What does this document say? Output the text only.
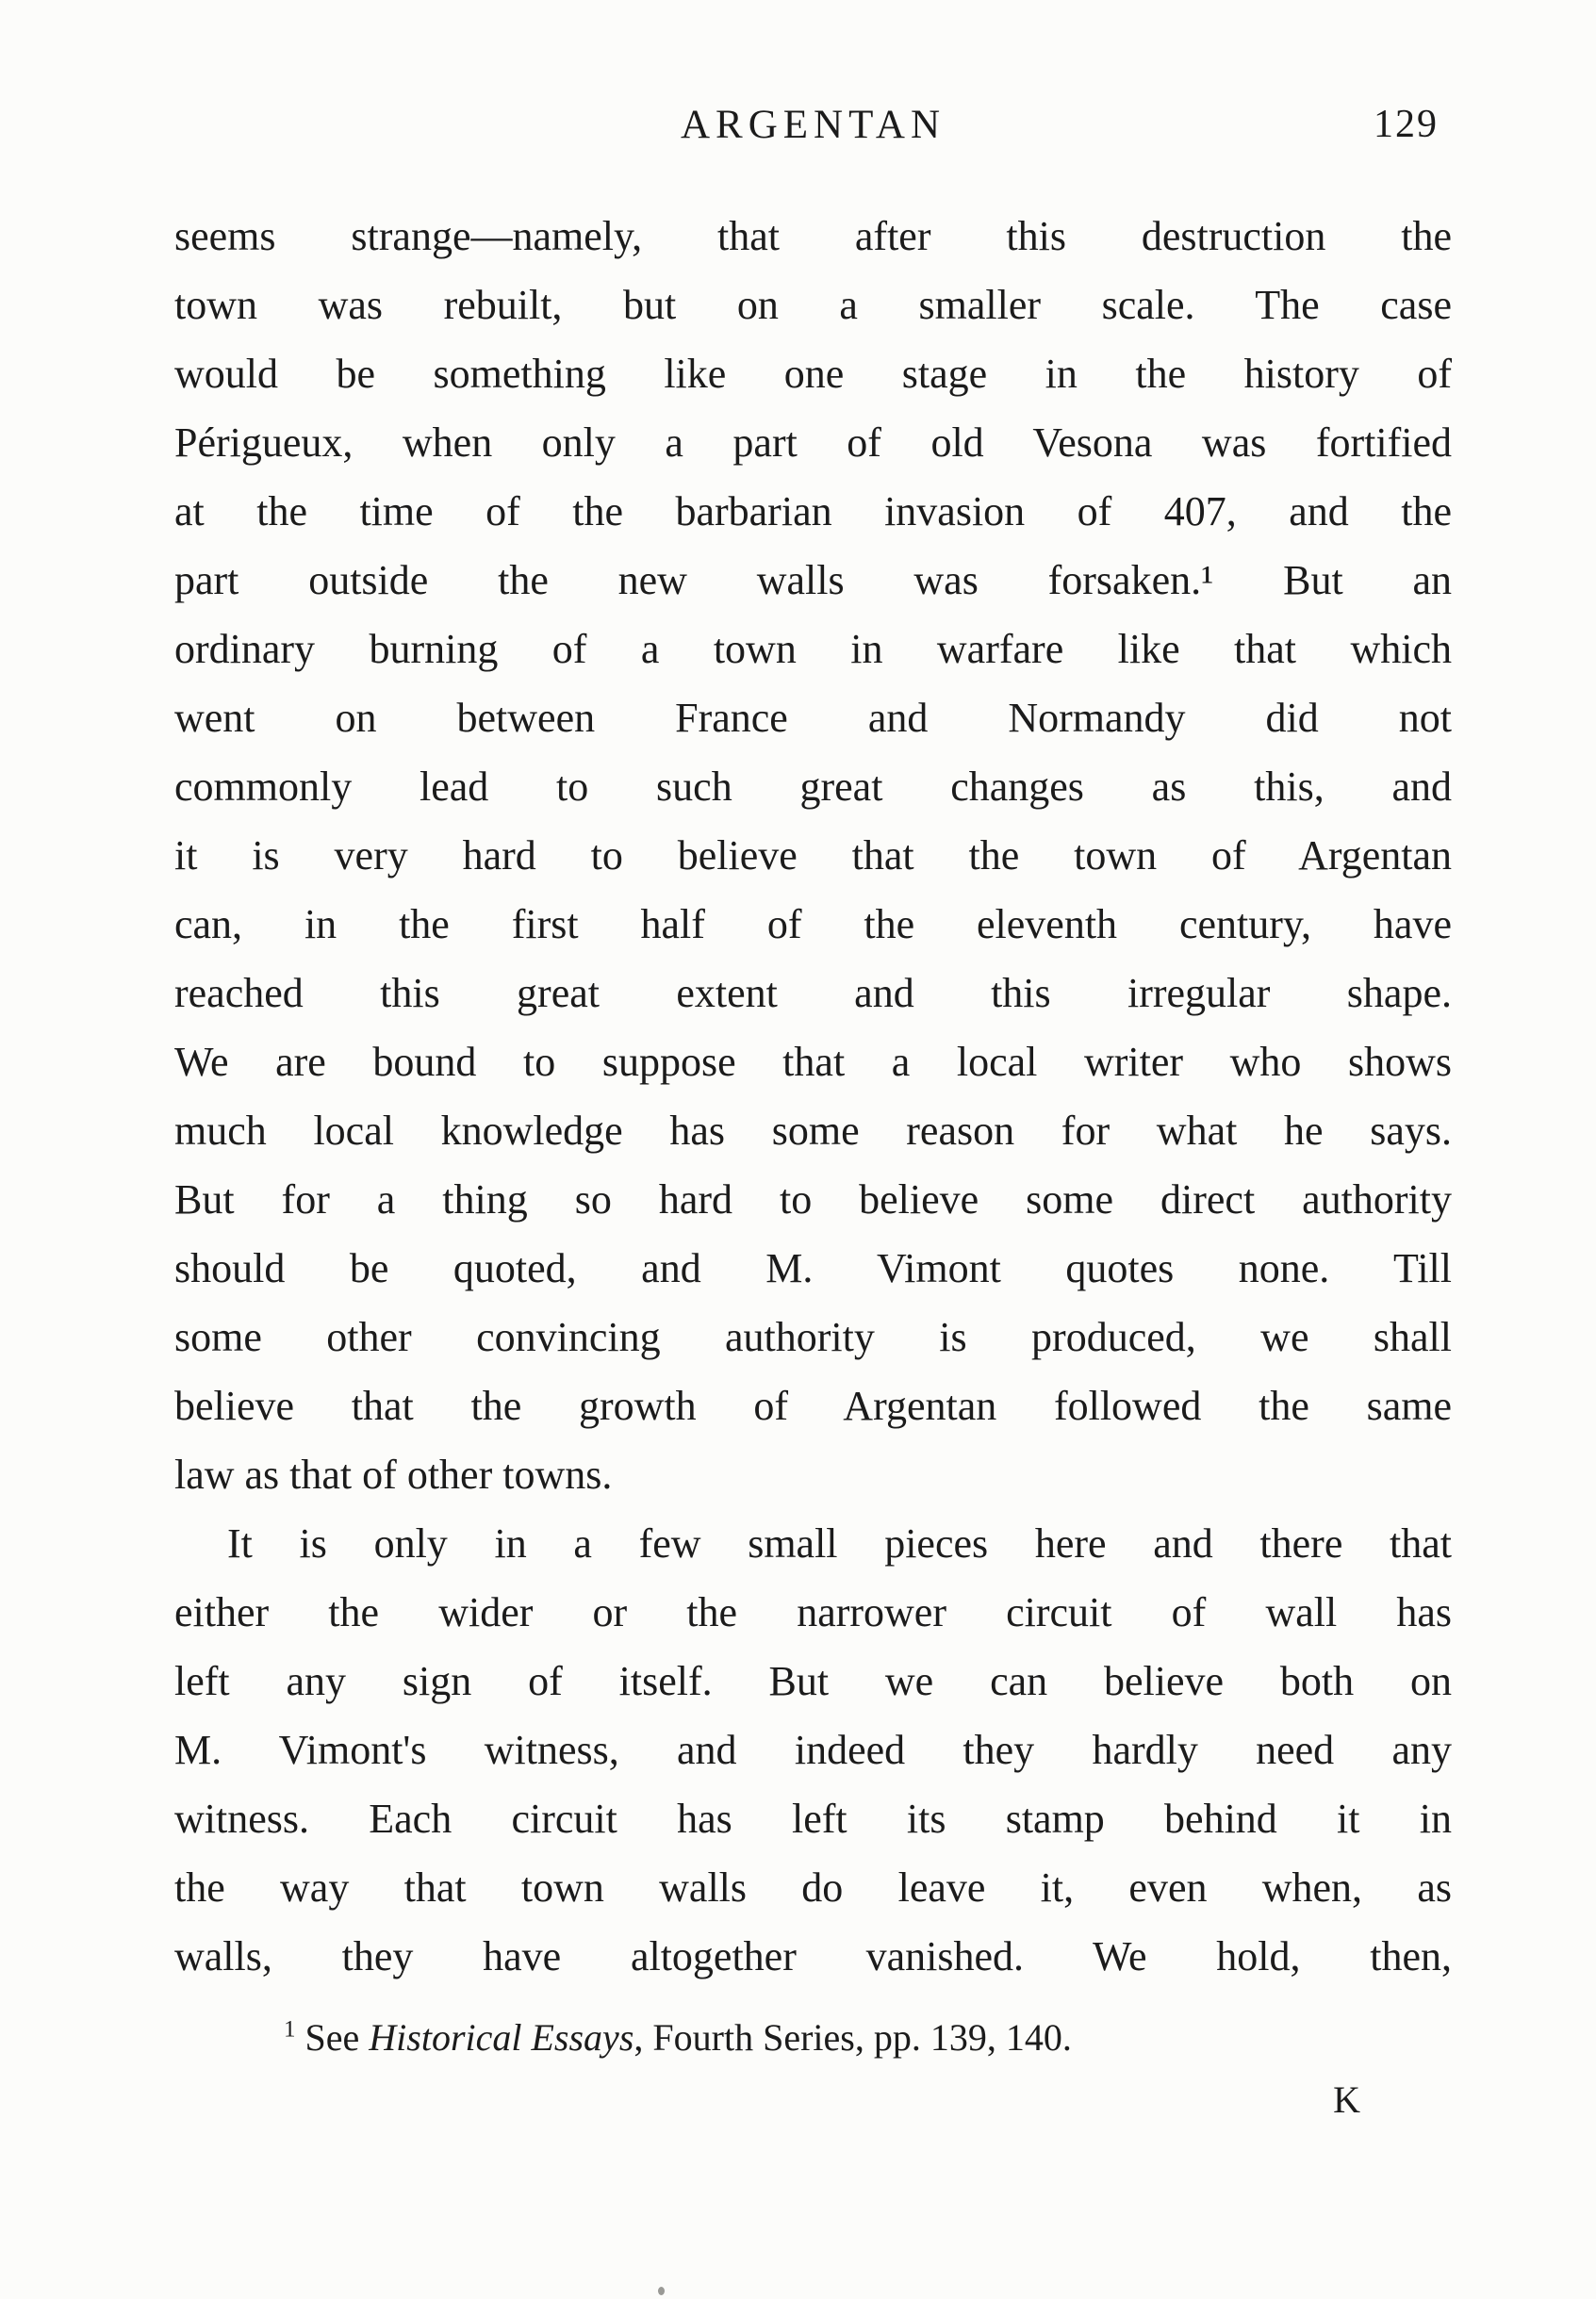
ARGENTAN	129
seems strange—namely, that after this destruction the
town was rebuilt, but on a smaller scale. The case
would be something like one stage in the history of
Périgueux, when only a part of old Vesona was fortified
at the time of the barbarian invasion of 407, and the
part outside the new walls was forsaken.¹ But an
ordinary burning of a town in warfare like that which
went on between France and Normandy did not
commonly lead to such great changes as this, and
it is very hard to believe that the town of Argentan
can, in the first half of the eleventh century, have
reached this great extent and this irregular shape.
We are bound to suppose that a local writer who shows
much local knowledge has some reason for what he says.
But for a thing so hard to believe some direct authority
should be quoted, and M. Vimont quotes none. Till
some other convincing authority is produced, we shall
believe that the growth of Argentan followed the same
law as that of other towns.
It is only in a few small pieces here and there that
either the wider or the narrower circuit of wall has
left any sign of itself. But we can believe both on
M. Vimont's witness, and indeed they hardly need any
witness. Each circuit has left its stamp behind it in
the way that town walls do leave it, even when, as
walls, they have altogether vanished. We hold, then,
$^1$ See Historical Essays, Fourth Series, pp. 139, 140.
K
